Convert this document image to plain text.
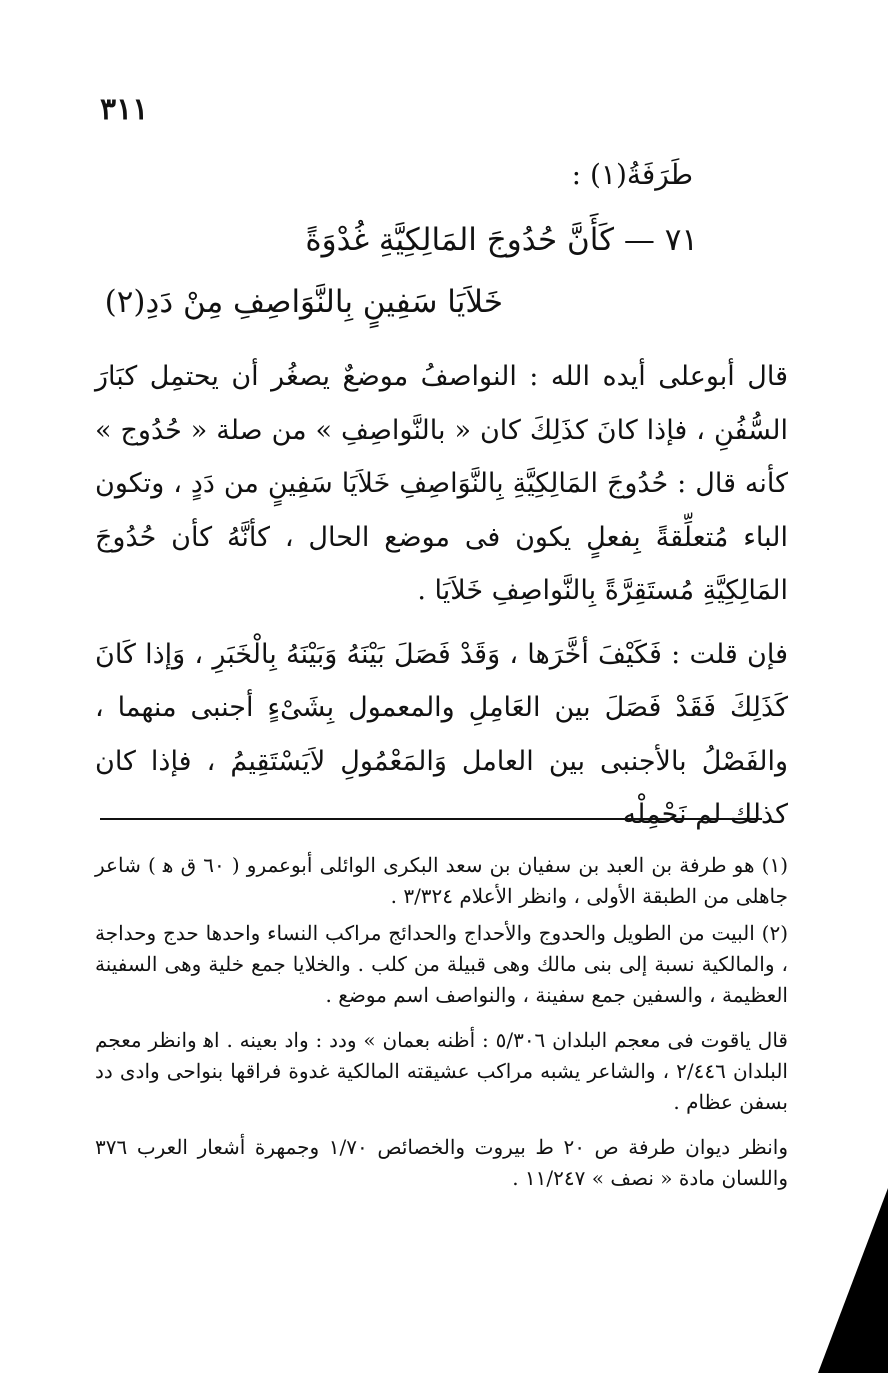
٣١١
طَرَفَةُ(١) :
٧١ — كَأَنَّ حُدُوجَ المَالِكِيَّةِ غُدْوَةً
خَلاَيَا سَفِينٍ بِالنَّوَاصِفِ مِنْ دَدِ(٢)

قال أبوعلى أيده الله : النواصفُ موضعٌ يصغُر أن يحتمِل كبَارَ السُّفُنِ ، فإذا كانَ كذَلِكَ كان « بالنَّواصِفِ » من صلة « حُدُوج » كأنه قال : حُدُوجَ المَالِكِيَّةِ بِالنَّوَاصِفِ خَلاَيَا سَفِينٍ من دَدٍ ، وتكون الباء مُتعلِّقةً بِفعلٍ يكون فى موضع الحال ، كأنَّهُ كأن حُدُوجَ المَالِكِيَّةِ مُستَقِرَّةً بِالنَّواصِفِ خَلاَيَا .

فإن قلت : فَكَيْفَ أخَّرَها ، وَقَدْ فَصَلَ بَيْنَهُ وَبَيْنَهُ بِالْخَبَرِ ، وَإذا كَانَ كَذَلِكَ فَقَدْ فَصَلَ بين العَامِلِ والمعمول بِشَىْءٍ أجنبى منهما ، والفَصْلُ بالأجنبى بين العامل وَالمَعْمُولِ لاَيَسْتَقِيمُ ، فإذا كان كذلك لم نَحْمِلْه

(١) هو طرفة بن العبد بن سفيان بن سعد البكرى الوائلى أبوعمرو ( ٦٠ ق ﻫ ) شاعر جاهلى من الطبقة الأولى ، وانظر الأعلام ٣/٣٢٤ .

(٢) البيت من الطويل والحدوج والأحداج والحدائج مراكب النساء واحدها حدج وحداجة ، والمالكية نسبة إلى بنى مالك وهى قبيلة من كلب . والخلايا جمع خلية وهى السفينة العظيمة ، والسفين جمع سفينة ، والنواصف اسم موضع .

قال ياقوت فى معجم البلدان ٥/٣٠٦ : أظنه بعمان » ودد : واد بعينه . اﻫ وانظر معجم البلدان ٢/٤٤٦ ، والشاعر يشبه مراكب عشيقته المالكية غدوة فراقها بنواحى وادى دد بسفن عظام .

وانظر ديوان طرفة ص ٢٠ ط بيروت والخصائص ١/٧٠ وجمهرة أشعار العرب ٣٧٦ واللسان مادة « نصف » ١١/٢٤٧ .
